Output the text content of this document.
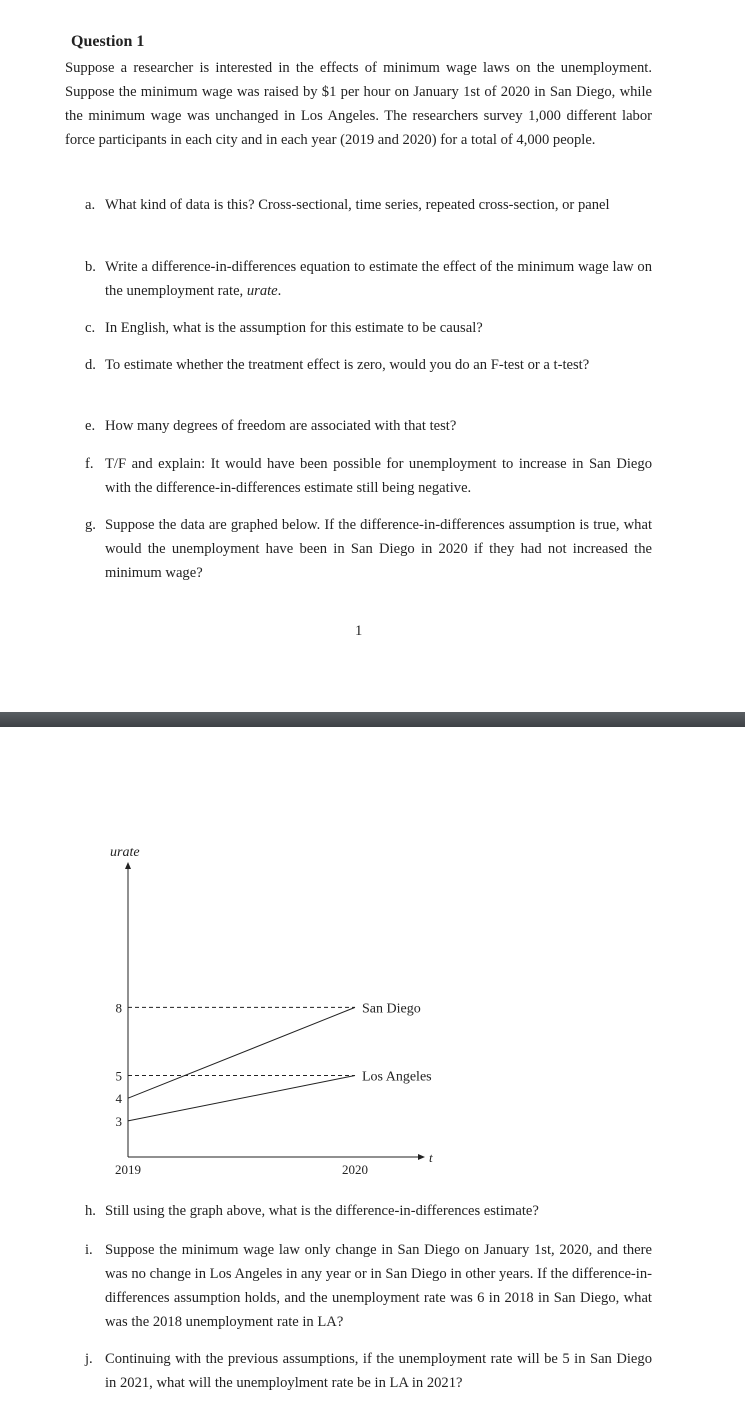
Question 1

Suppose a researcher is interested in the effects of minimum wage laws on the unemployment. Suppose the minimum wage was raised by $1 per hour on January 1st of 2020 in San Diego, while the minimum wage was unchanged in Los Angeles. The researchers survey 1,000 different labor force participants in each city and in each year (2019 and 2020) for a total of 4,000 people.

a. What kind of data is this? Cross-sectional, time series, repeated cross-section, or panel
b. Write a difference-in-differences equation to estimate the effect of the minimum wage law on the unemployment rate, urate.
c. In English, what is the assumption for this estimate to be causal?
d. To estimate whether the treatment effect is zero, would you do an F-test or a t-test?
e. How many degrees of freedom are associated with that test?
f. T/F and explain: It would have been possible for unemployment to increase in San Diego with the difference-in-differences estimate still being negative.
g. Suppose the data are graphed below. If the difference-in-differences assumption is true, what would the unemployment have been in San Diego in 2020 if they had not increased the minimum wage?
1
urate
t
8
5
4
3
San Diego
Los Angeles
2019	2020
h. Still using the graph above, what is the difference-in-differences estimate?
i. Suppose the minimum wage law only change in San Diego on January 1st, 2020, and there was no change in Los Angeles in any year or in San Diego in other years. If the difference-in-differences assumption holds, and the unemployment rate was 6 in 2018 in San Diego, what was the 2018 unemployment rate in LA?
j. Continuing with the previous assumptions, if the unemployment rate will be 5 in San Diego in 2021, what will the unemploylment rate be in LA in 2021?
